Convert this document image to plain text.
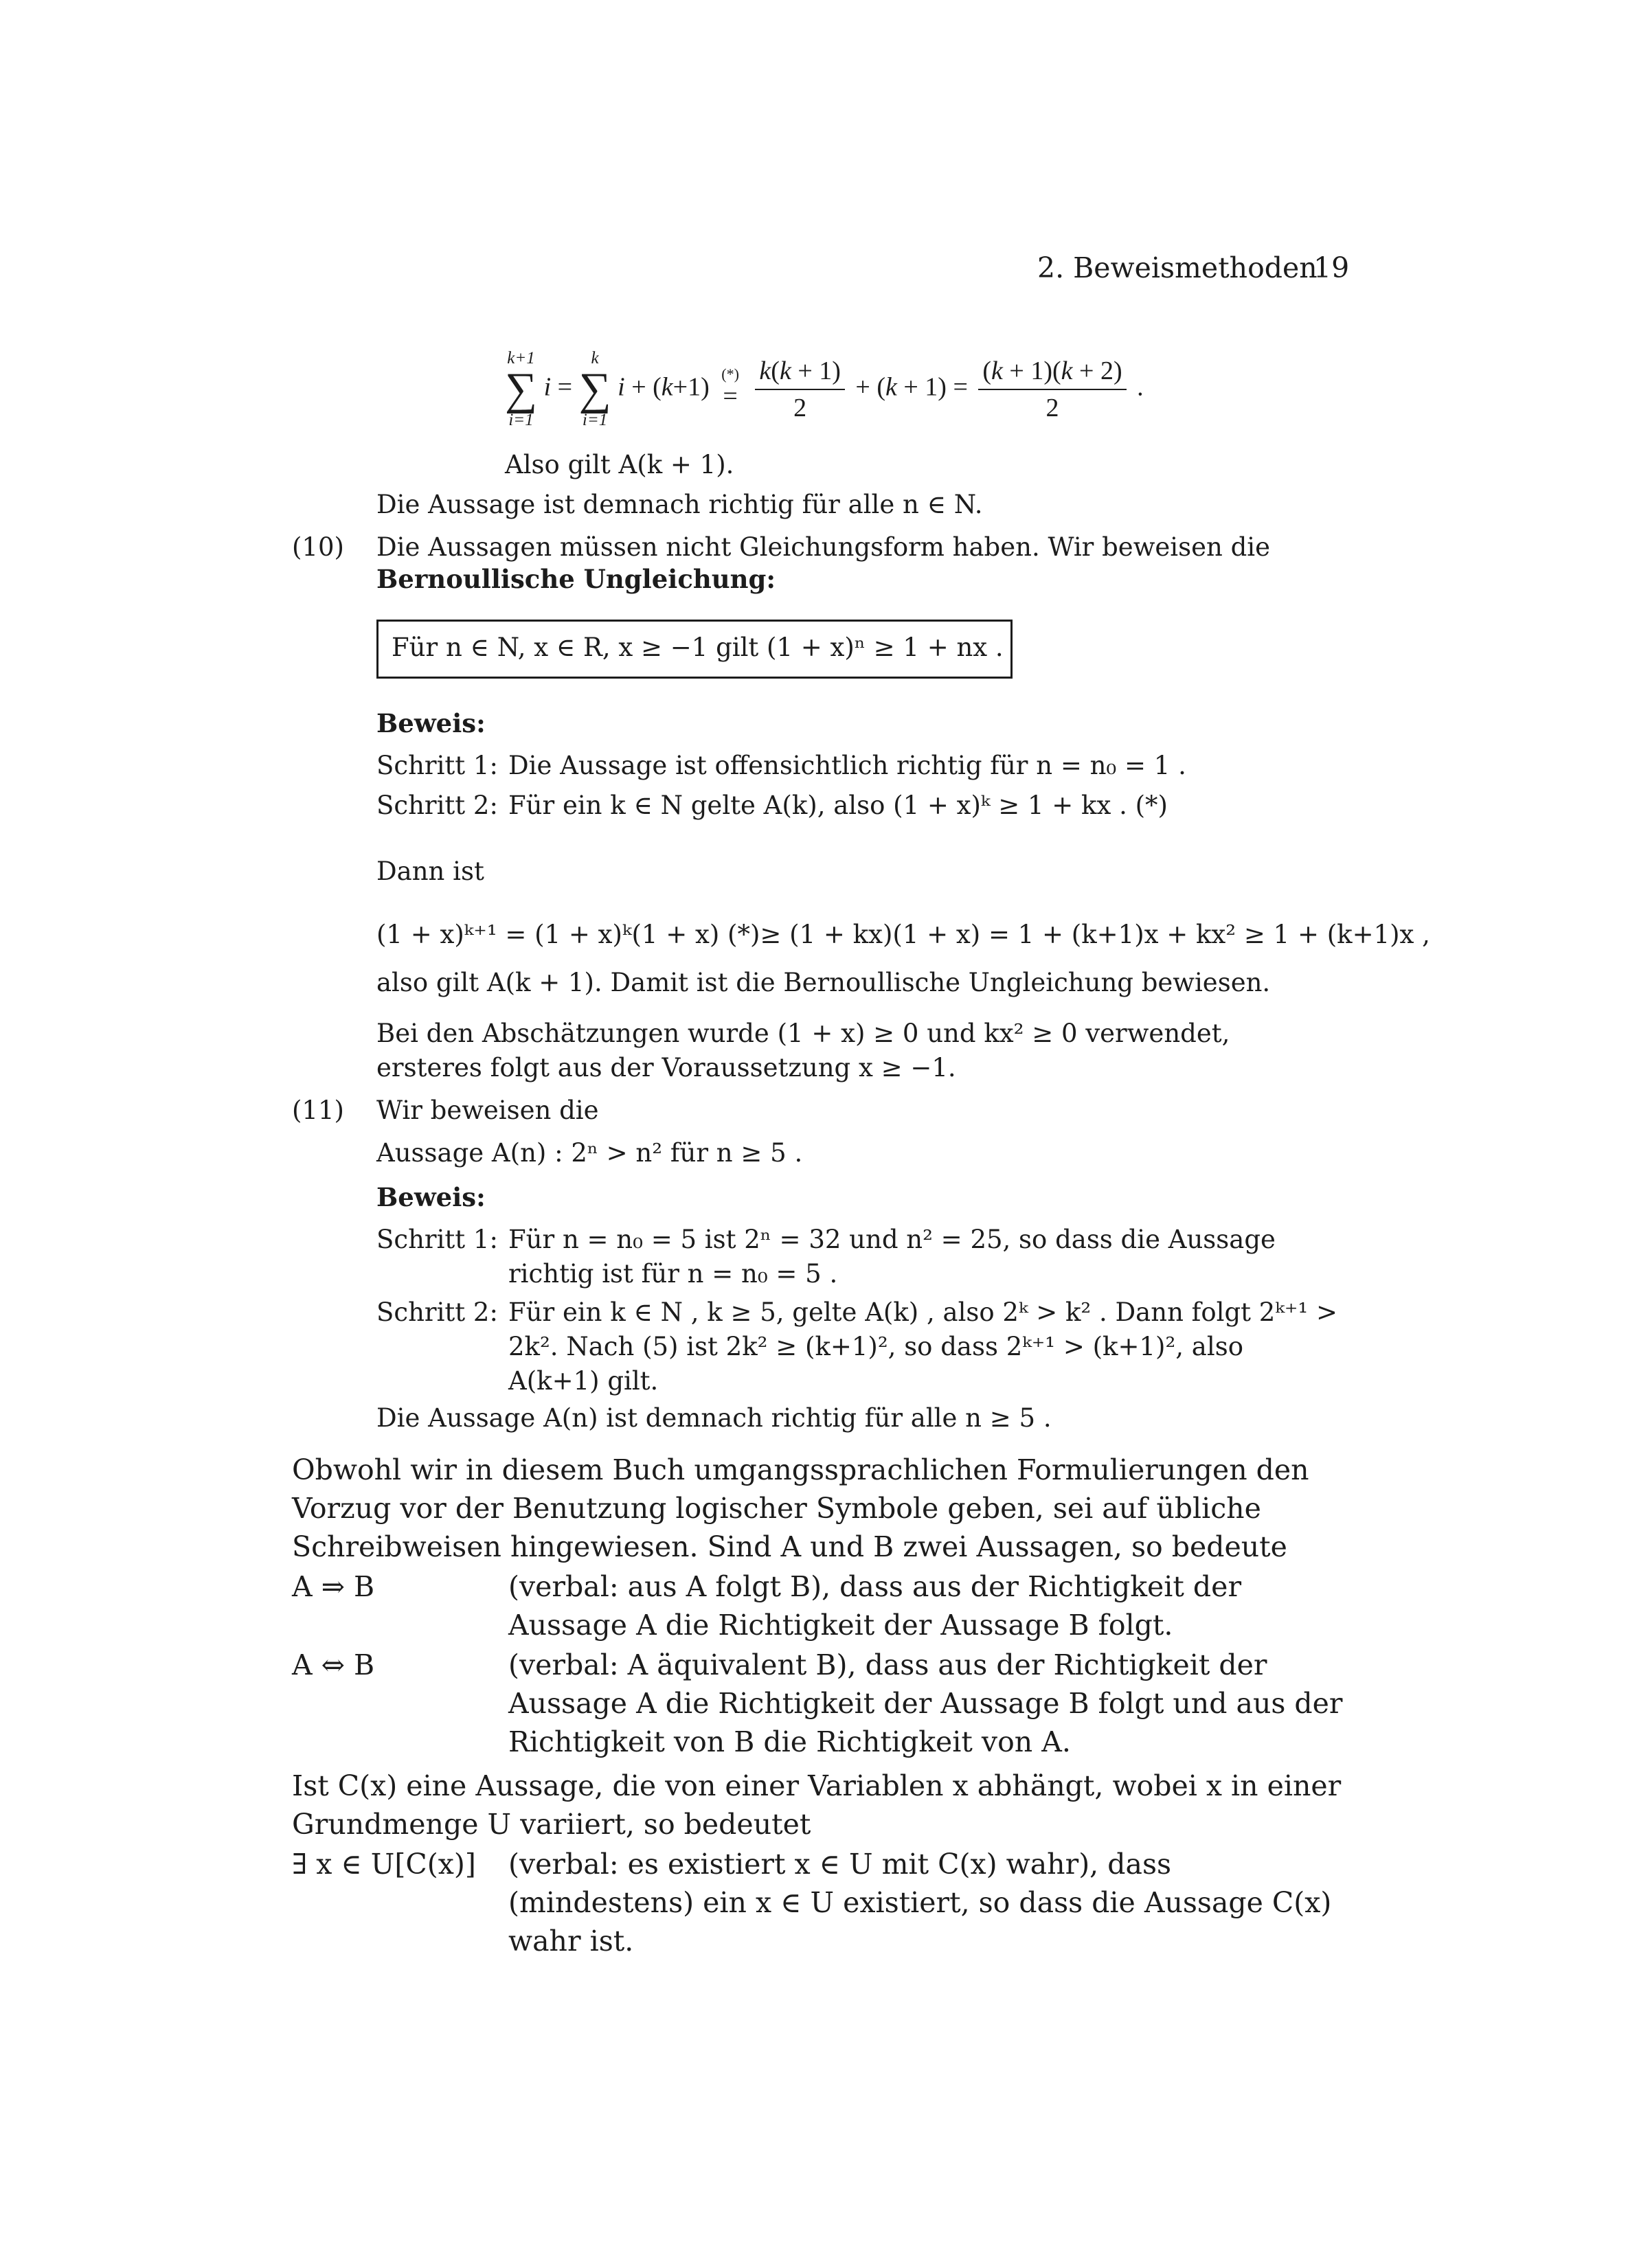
2. Beweismethoden
19
k+1
∑
i=1
i =
k
∑
i=1
i + (k+1) (*)
=
$\frac{k(k + 1)}{2} + (k + 1) = \frac{(k + 1)(k + 2)}{2}$ .
Also gilt A(k + 1).
Die Aussage ist demnach richtig für alle n ∈ N.
(10) Die Aussagen müssen nicht Gleichungsform haben. Wir beweisen die
Bernoullische Ungleichung:
Für n ∈ N, x ∈ R, x ≥ −1 gilt (1 + x)ⁿ ≥ 1 + nx .
Beweis:
Schritt 1: Die Aussage ist offensichtlich richtig für n = n₀ = 1 .
Schritt 2: Für ein k ∈ N gelte A(k), also (1 + x)ᵏ ≥ 1 + kx . (*)
Dann ist
(1 + x)ᵏ⁺¹ = (1 + x)ᵏ(1 + x) (*)≥ (1 + kx)(1 + x) = 1 + (k+1)x + kx² ≥ 1 + (k+1)x ,
also gilt A(k + 1). Damit ist die Bernoullische Ungleichung bewiesen.
Bei den Abschätzungen wurde (1 + x) ≥ 0 und kx² ≥ 0 verwendet, ersteres folgt aus der Voraussetzung x ≥ −1.
(11) Wir beweisen die
Aussage A(n) : 2ⁿ > n² für n ≥ 5 .
Beweis:
Schritt 1: Für n = n₀ = 5 ist 2ⁿ = 32 und n² = 25, so dass die Aussage richtig ist für n = n₀ = 5 .
Schritt 2: Für ein k ∈ N , k ≥ 5, gelte A(k) , also 2ᵏ > k² . Dann folgt 2ᵏ⁺¹ > 2k². Nach (5) ist 2k² ≥ (k+1)², so dass 2ᵏ⁺¹ > (k+1)², also A(k+1) gilt.
Die Aussage A(n) ist demnach richtig für alle n ≥ 5 .
Obwohl wir in diesem Buch umgangssprachlichen Formulierungen den Vorzug vor der Benutzung logischer Symbole geben, sei auf übliche Schreibweisen hingewiesen. Sind A und B zwei Aussagen, so bedeute
A ⇒ B	(verbal: aus A folgt B), dass aus der Richtigkeit der Aussage A die Richtigkeit der Aussage B folgt.
A ⇔ B	(verbal: A äquivalent B), dass aus der Richtigkeit der Aussage A die Richtigkeit der Aussage B folgt und aus der Richtigkeit von B die Richtigkeit von A.
Ist C(x) eine Aussage, die von einer Variablen x abhängt, wobei x in einer Grundmenge U variiert, so bedeutet
∃ x ∈ U[C(x)] (verbal: es existiert x ∈ U mit C(x) wahr), dass (mindestens) ein x ∈ U existiert, so dass die Aussage C(x) wahr ist.
